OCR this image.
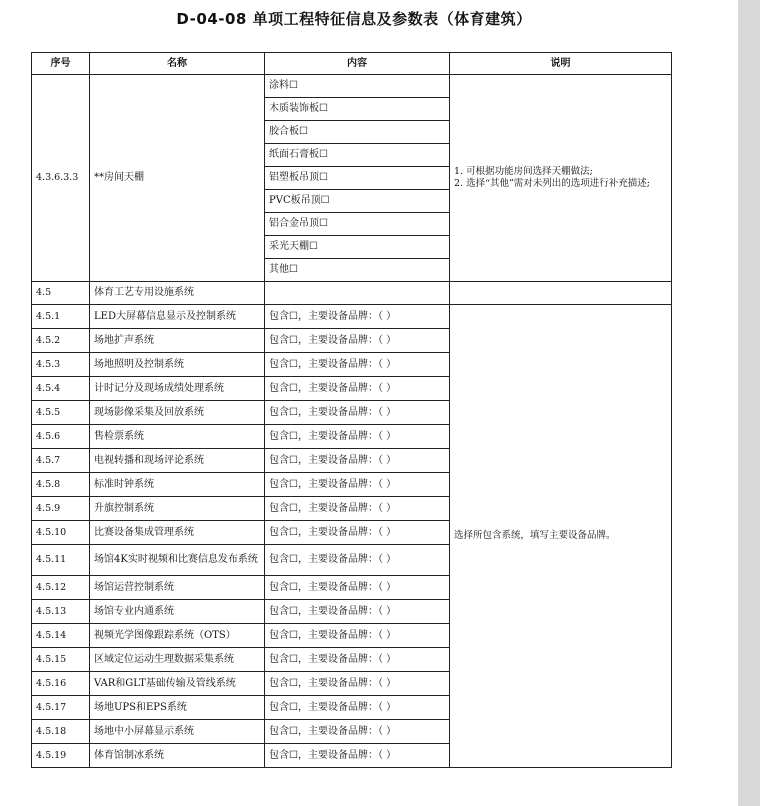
D-04-08 单项工程特征信息及参数表（体育建筑）
序号	名称	内容	说明
4.3.6.3.3	**房间天棚	涂料☐	1. 可根据功能房间选择天棚做法;
2. 选择“其他”需对未列出的选项进行补充描述;

		木质装饰板☐	
		胶合板☐	
		纸面石膏板☐	
		铝塑板吊顶☐	
		PVC板吊顶☐	
		铝合金吊顶☐	
		采光天棚☐	
		其他☐	
4.5	体育工艺专用设施系统		
4.5.1	LED大屏幕信息显示及控制系统	包含☐，主要设备品牌：（ ）	选择所包含系统，填写主要设备品牌。
4.5.2	场地扩声系统	包含☐，主要设备品牌：（ ）	
4.5.3	场地照明及控制系统	包含☐，主要设备品牌：（ ）	
4.5.4	计时记分及现场成绩处理系统	包含☐，主要设备品牌：（ ）	
4.5.5	现场影像采集及回放系统	包含☐，主要设备品牌：（ ）	
4.5.6	售检票系统	包含☐，主要设备品牌：（ ）	
4.5.7	电视转播和现场评论系统	包含☐，主要设备品牌：（ ）	
4.5.8	标准时钟系统	包含☐，主要设备品牌：（ ）	
4.5.9	升旗控制系统	包含☐，主要设备品牌：（ ）	
4.5.10	比赛设备集成管理系统	包含☐，主要设备品牌：（ ）	
4.5.11	场馆4K实时视频和比赛信息发布系统	包含☐，主要设备品牌：（ ）	
4.5.12	场馆运营控制系统	包含☐，主要设备品牌：（ ）	
4.5.13	场馆专业内通系统	包含☐，主要设备品牌：（ ）	
4.5.14	视频光学图像跟踪系统（OTS）	包含☐，主要设备品牌：（ ）	
4.5.15	区域定位运动生理数据采集系统	包含☐，主要设备品牌：（ ）	
4.5.16	VAR和GLT基础传输及管线系统	包含☐，主要设备品牌：（ ）	
4.5.17	场地UPS和EPS系统	包含☐，主要设备品牌：（ ）	
4.5.18	场地中小屏幕显示系统	包含☐，主要设备品牌：（ ）	
4.5.19	体育馆制冰系统	包含☐，主要设备品牌：（ ）	
